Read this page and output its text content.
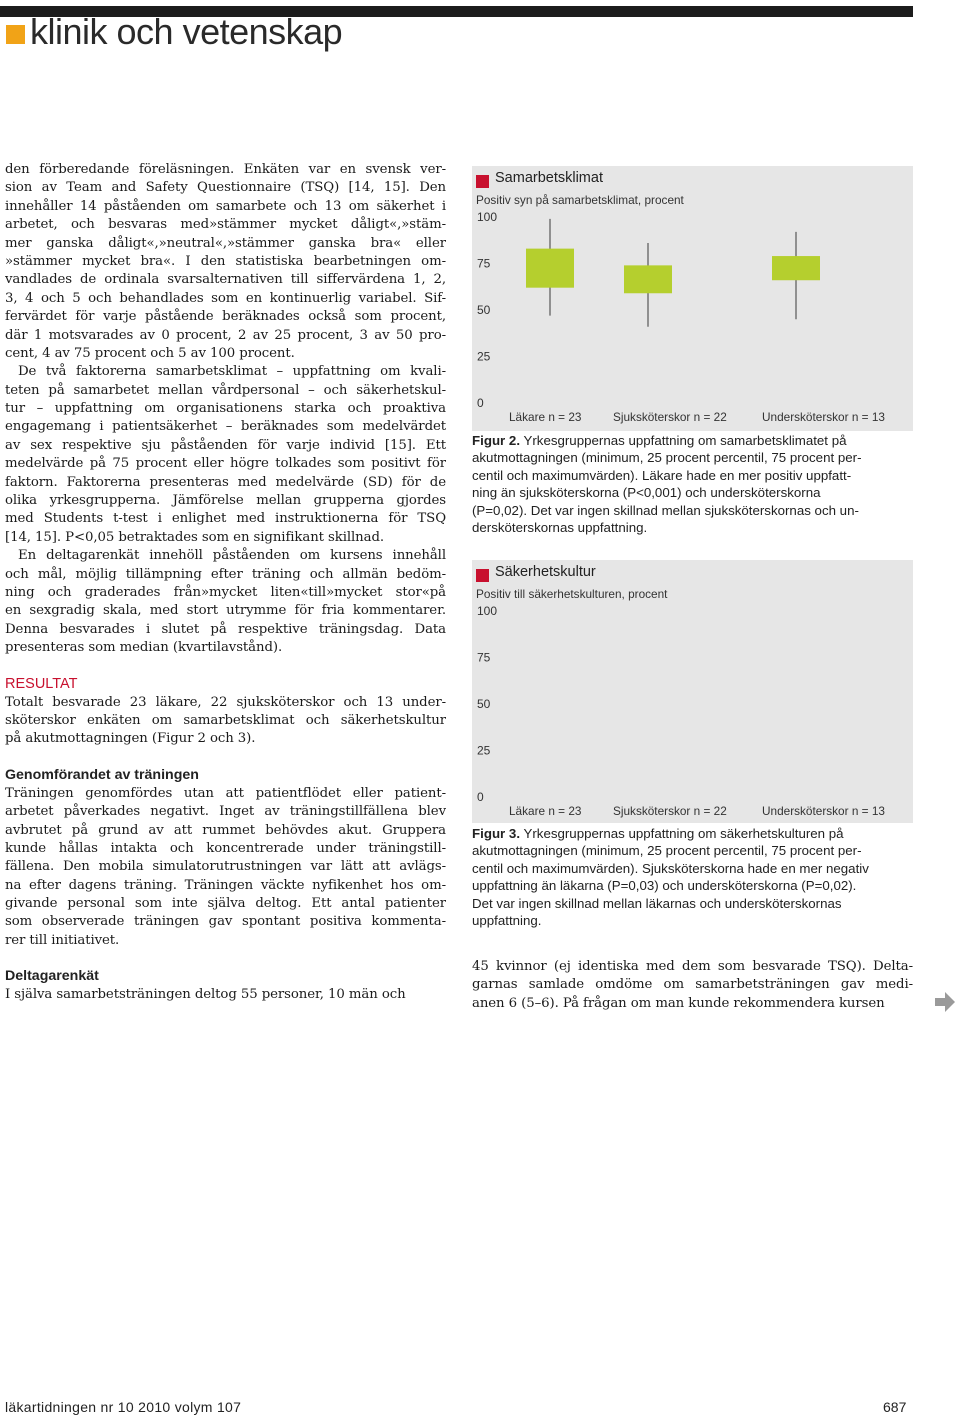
klinik och vetenskap
den förberedande föreläsningen. Enkäten var en svensk ver-
sion av Team and Safety Questionnaire (TSQ) [14, 15]. Den
innehåller 14 påståenden om samarbete och 13 om säkerhet i
arbetet, och besvaras med»stämmer mycket dåligt«,»stäm-
mer ganska dåligt«,»neutral«,»stämmer ganska bra« eller
»stämmer mycket bra«. I den statistiska bearbetningen om-
vandlades de ordinala svarsalternativen till siffervärdena 1, 2,
3, 4 och 5 och behandlades som en kontinuerlig variabel. Sif-
fervärdet för varje påstående beräknades också som procent,
där 1 motsvarades av 0 procent, 2 av 25 procent, 3 av 50 pro-
cent, 4 av 75 procent och 5 av 100 procent.
De två faktorerna samarbetsklimat – uppfattning om kvali-
teten på samarbetet mellan vårdpersonal – och säkerhetskul-
tur – uppfattning om organisationens starka och proaktiva
engagemang i patientsäkerhet – beräknades som medelvärdet
av sex respektive sju påståenden för varje individ [15]. Ett
medelvärde på 75 procent eller högre tolkades som positivt för
faktorn. Faktorerna presenteras med medelvärde (SD) för de
olika yrkesgrupperna. Jämförelse mellan grupperna gjordes
med Students t-test i enlighet med instruktionerna för TSQ
[14, 15]. P<0,05 betraktades som en signifikant skillnad.
En deltagarenkät innehöll påståenden om kursens innehåll
och mål, möjlig tillämpning efter träning och allmän bedöm-
ning och graderades från»mycket liten«till»mycket stor«på
en sexgradig skala, med stort utrymme för fria kommentarer.
Denna besvarades i slutet på respektive träningsdag. Data
presenteras som median (kvartilavstånd).
RESULTAT
Totalt besvarade 23 läkare, 22 sjuksköterskor och 13 under-
sköterskor enkäten om samarbetsklimat och säkerhetskultur
på akutmottagningen (Figur 2 och 3).
Genomförandet av träningen
Träningen genomfördes utan att patientflödet eller patient-
arbetet påverkades negativt. Inget av träningstillfällena blev
avbrutet på grund av att rummet behövdes akut. Gruppera
kunde hållas intakta och koncentrerade under träningstill-
fällena. Den mobila simulatorutrustningen var lätt att avlägs-
na efter dagens träning. Träningen väckte nyfikenhet hos om-
givande personal som inte själva deltog. Ett antal patienter
som observerade träningen gav spontant positiva kommenta-
rer till initiativet.
Deltagarenkät
I själva samarbetsträningen deltog 55 personer, 10 män och
Samarbetsklimat
Positiv syn på samarbetsklimat, procent
0
25
50
75
100
Läkare n = 23	Sjuksköterskor n = 22	Undersköterskor n = 13
Figur 2. Yrkesgruppernas uppfattning om samarbetsklimatet på
akutmottagningen (minimum, 25 procent percentil, 75 procent per-
centil och maximumvärden). Läkare hade en mer positiv uppfatt-
ning än sjuksköterskorna (P<0,001) och undersköterskorna
(P=0,02). Det var ingen skillnad mellan sjuksköterskornas och un-
dersköterskornas uppfattning.
Säkerhetskultur
Positiv till säkerhetskulturen, procent
0
25
50
75
100
Läkare n = 23	Sjuksköterskor n = 22	Undersköterskor n = 13
Figur 3. Yrkesgruppernas uppfattning om säkerhetskulturen på
akutmottagningen (minimum, 25 procent percentil, 75 procent per-
centil och maximumvärden). Sjuksköterskorna hade en mer negativ
uppfattning än läkarna (P=0,03) och undersköterskorna (P=0,02).
Det var ingen skillnad mellan läkarnas och undersköterskornas
uppfattning.
45 kvinnor (ej identiska med dem som besvarade TSQ). Delta-
garnas samlade omdöme om samarbetsträningen gav medi-
anen 6 (5–6). På frågan om man kunde rekommendera kursen
läkartidningen nr 10 2010 volym 107	687
